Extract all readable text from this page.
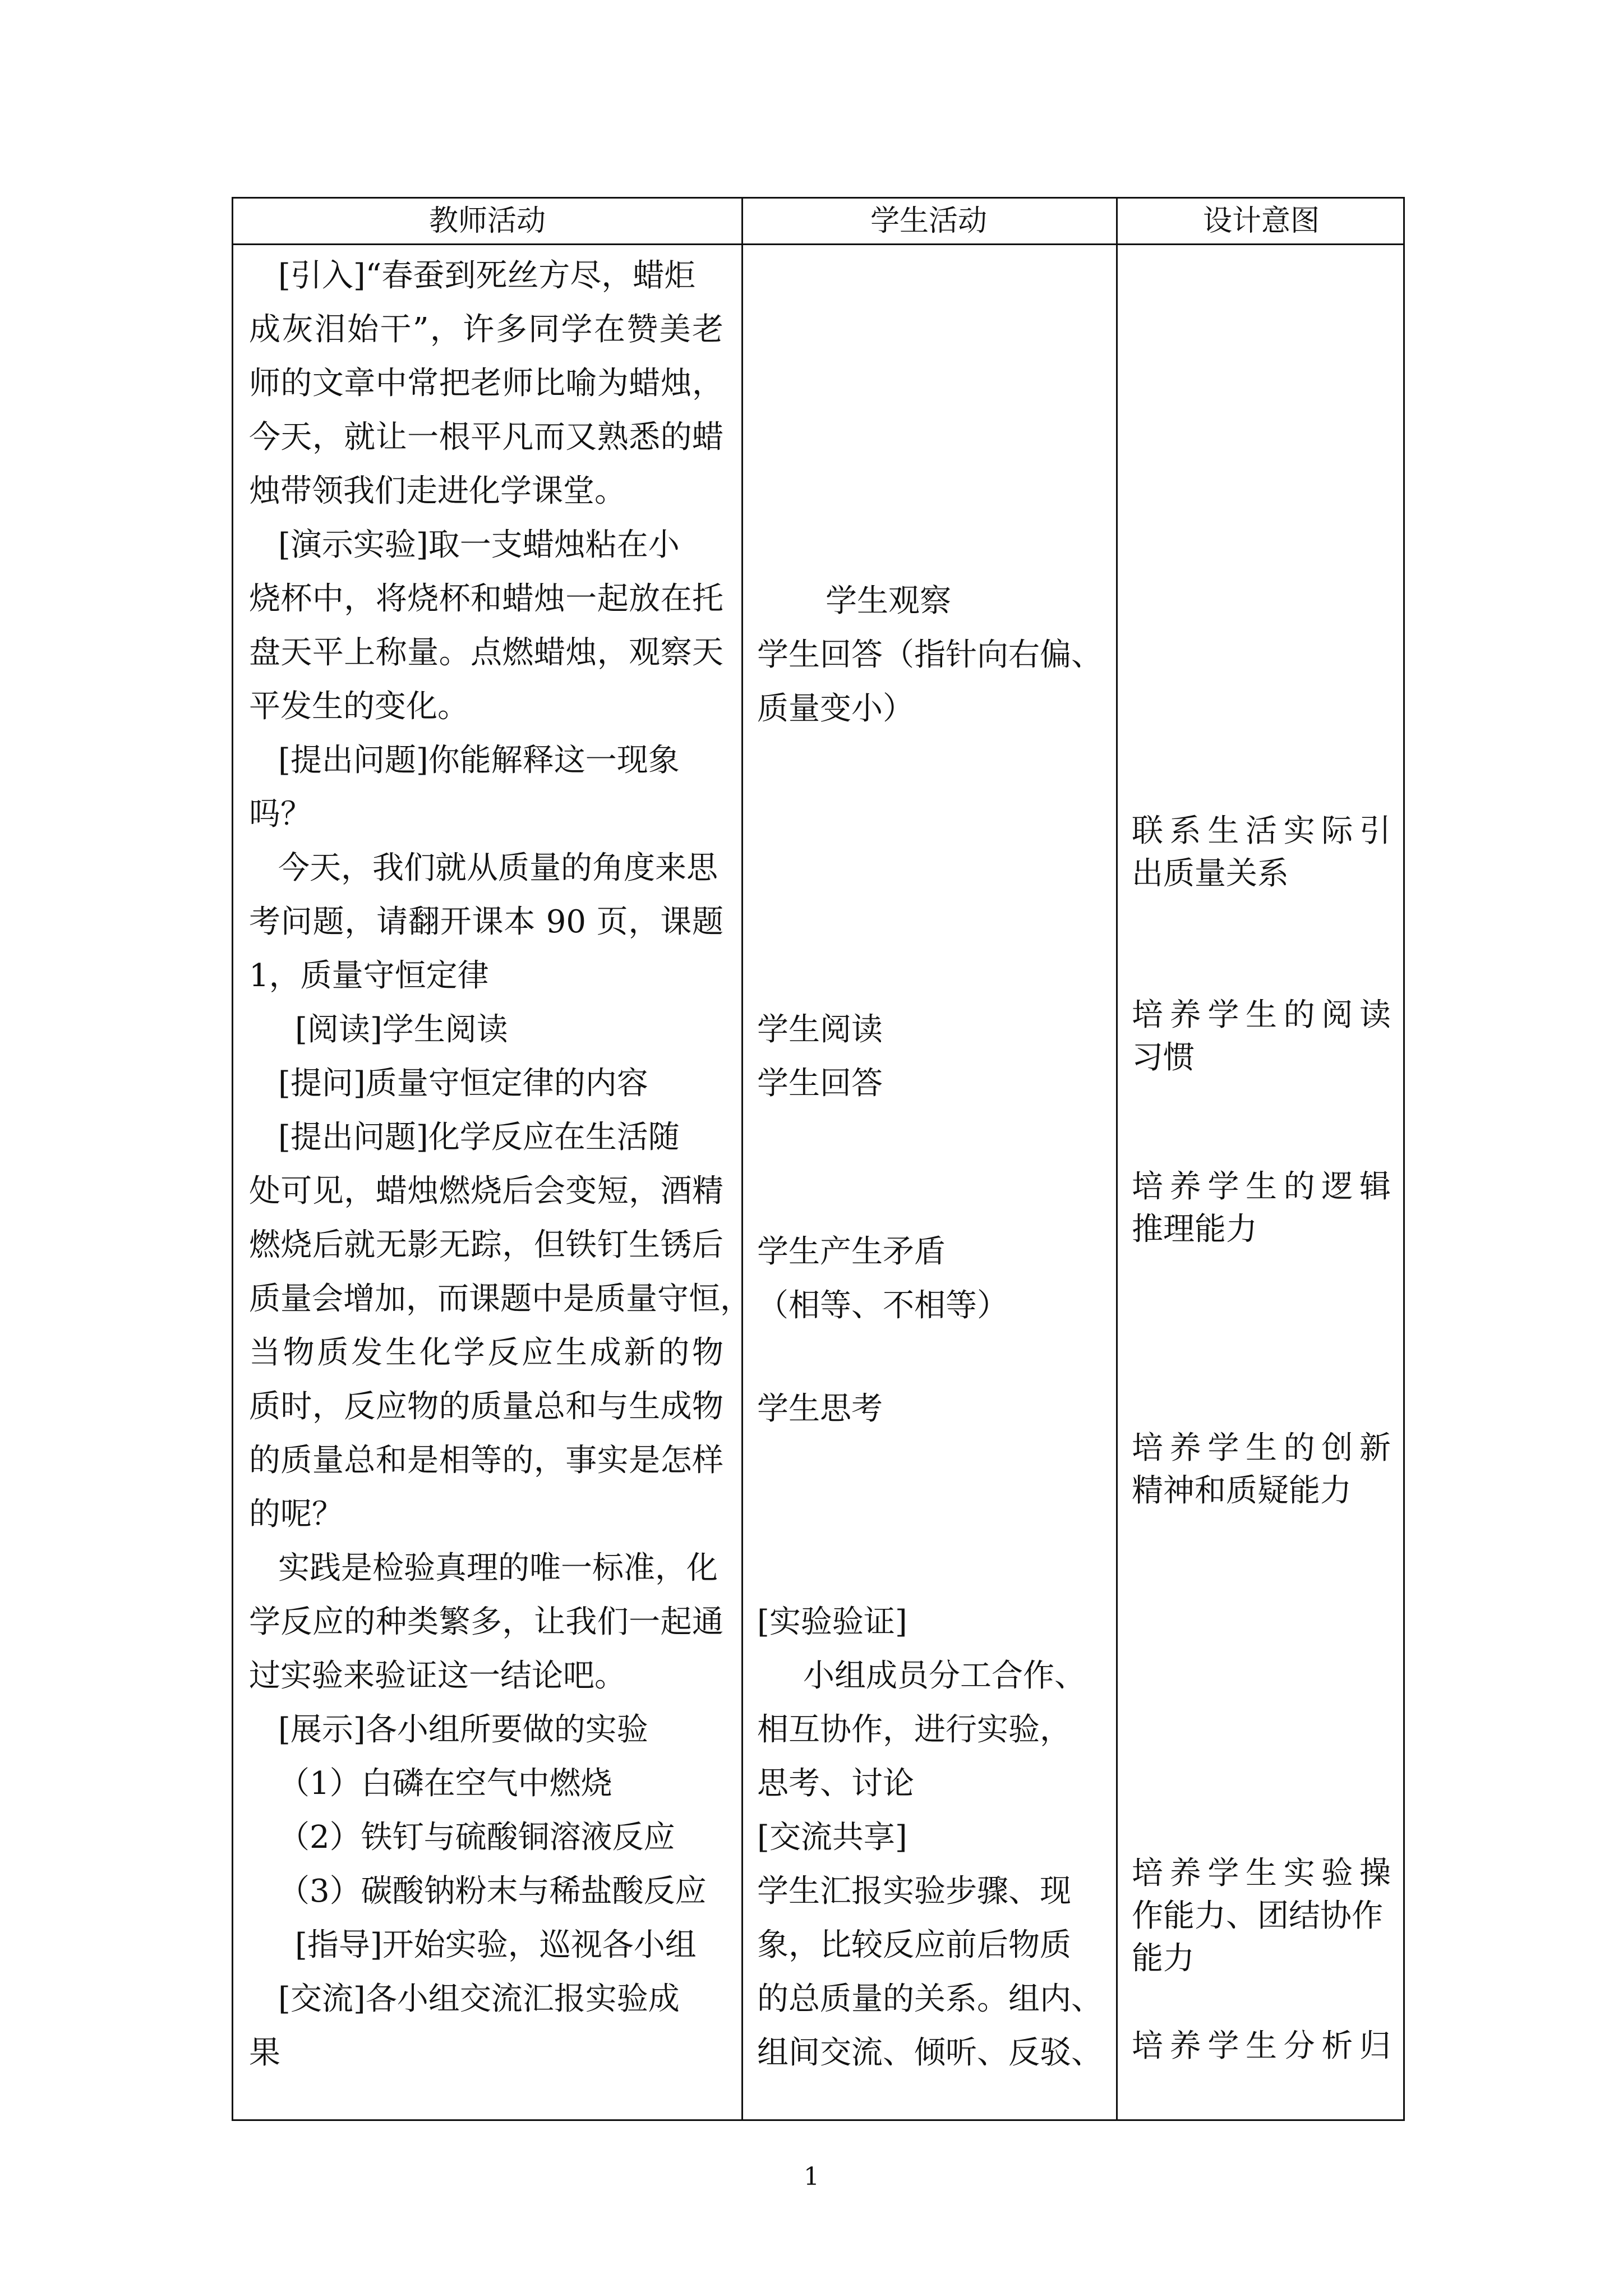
教师活动	学生活动	设计意图
[引入]“春蚕到死丝方尽，蜡炬
成灰泪始干”，许多同学在赞美老
师的文章中常把老师比喻为蜡烛，
今天，就让一根平凡而又熟悉的蜡
烛带领我们走进化学课堂。
[演示实验]取一支蜡烛粘在小
烧杯中，将烧杯和蜡烛一起放在托
盘天平上称量。点燃蜡烛，观察天
平发生的变化。
[提出问题]你能解释这一现象
吗？
今天，我们就从质量的角度来思
考问题，请翻开课本 90 页，课题
1，质量守恒定律
[阅读]学生阅读
[提问]质量守恒定律的内容
[提出问题]化学反应在生活随
处可见，蜡烛燃烧后会变短，酒精
燃烧后就无影无踪，但铁钉生锈后
质量会增加，而课题中是质量守恒，
当物质发生化学反应生成新的物
质时，反应物的质量总和与生成物
的质量总和是相等的，事实是怎样
的呢？
实践是检验真理的唯一标准，化
学反应的种类繁多，让我们一起通
过实验来验证这一结论吧。
[展示]各小组所要做的实验
（1）白磷在空气中燃烧
（2）铁钉与硫酸铜溶液反应
（3）碳酸钠粉末与稀盐酸反应
[指导]开始实验，巡视各小组
[交流]各小组交流汇报实验成
果
学生观察
学生回答（指针向右偏、
质量变小）
学生阅读
学生回答
学生产生矛盾
（相等、不相等）
学生思考
[实验验证]
小组成员分工合作、
相互协作，进行实验，
思考、讨论
[交流共享]
学生汇报实验步骤、现
象，比较反应前后物质
的总质量的关系。组内、
组间交流、倾听、反驳、
联系生活实际引
出质量关系
培养学生的阅读
习惯
培养学生的逻辑
推理能力
培养学生的创新
精神和质疑能力
培养学生实验操
作能力、团结协作
能力
培养学生分析归
1
